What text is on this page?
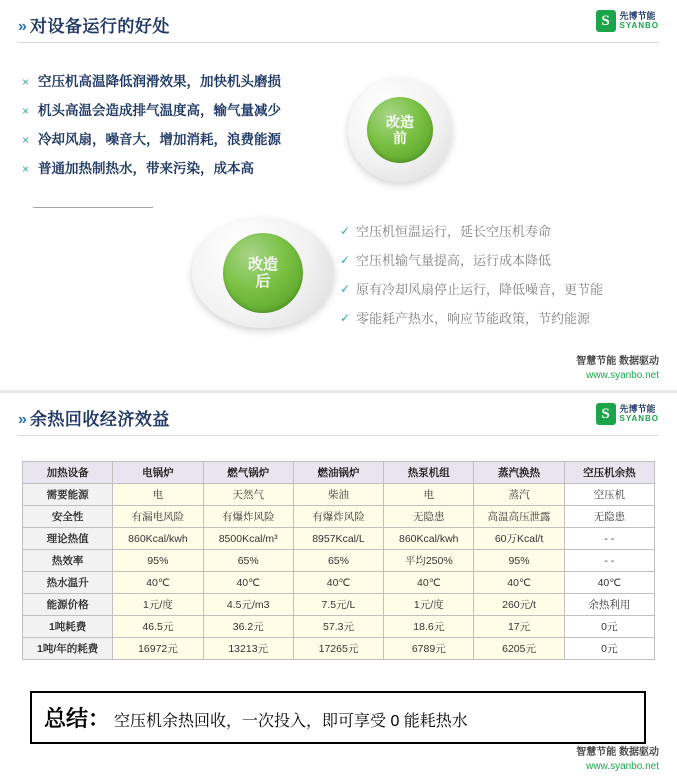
» 对设备运行的好处	S	先博节能
SYANBO
× 空压机高温降低润滑效果，加快机头磨损
× 机头高温会造成排气温度高，输气量减少
× 冷却风扇，噪音大，增加消耗，浪费能源
× 普通加热制热水，带来污染，成本高
改造
前
改造
后
✓ 空压机恒温运行，延长空压机寿命
✓ 空压机输气量提高，运行成本降低
✓ 原有冷却风扇停止运行，降低噪音，更节能
✓ 零能耗产热水，响应节能政策，节约能源
智慧节能 数据驱动
www.syanbo.net
» 余热回收经济效益	S	先博节能
SYANBO
加热设备	电锅炉	燃气锅炉	燃油锅炉	热泵机组	蒸汽换热	空压机余热
需要能源	电	天然气	柴油	电	蒸汽	空压机
安全性	有漏电风险	有爆炸风险	有爆炸风险	无隐患	高温高压泄露	无隐患
理论热值	860Kcal/kwh	8500Kcal/m³	8957Kcal/L	860Kcal/kwh	60万Kcal/t	- -
热效率	95%	65%	65%	平均250%	95%	- -
热水温升	40℃	40℃	40℃	40℃	40℃	40℃
能源价格	1元/度	4.5元/m3	7.5元/L	1元/度	260元/t	余热利用
1吨耗费	46.5元	36.2元	57.3元	18.6元	17元	0元
1吨/年的耗费	16972元	13213元	17265元	6789元	6205元	0元
总结： 空压机余热回收，一次投入，即可享受 0 能耗热水
智慧节能 数据驱动
www.syanbo.net
